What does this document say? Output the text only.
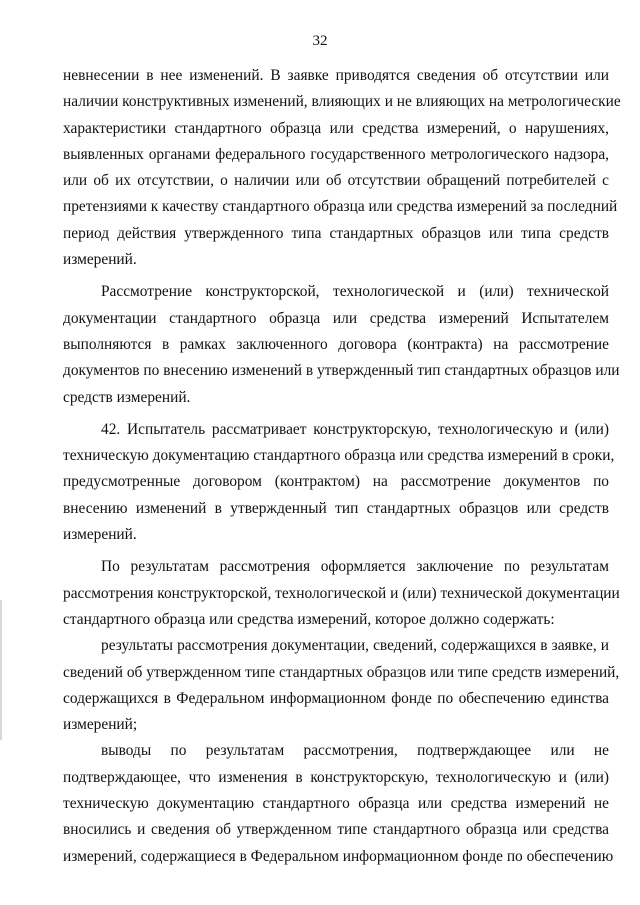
32
невнесении в нее изменений. В заявке приводятся сведения об отсутствии или
наличии конструктивных изменений, влияющих и не влияющих на метрологические
характеристики стандартного образца или средства измерений, о нарушениях,
выявленных органами федерального государственного метрологического надзора,
или об их отсутствии, о наличии или об отсутствии обращений потребителей с
претензиями к качеству стандартного образца или средства измерений за последний
период действия утвержденного типа стандартных образцов или типа средств
измерений.
Рассмотрение конструкторской, технологической и (или) технической
документации стандартного образца или средства измерений Испытателем
выполняются в рамках заключенного договора (контракта) на рассмотрение
документов по внесению изменений в утвержденный тип стандартных образцов или
средств измерений.
42. Испытатель рассматривает конструкторскую, технологическую и (или)
техническую документацию стандартного образца или средства измерений в сроки,
предусмотренные договором (контрактом) на рассмотрение документов по
внесению изменений в утвержденный тип стандартных образцов или средств
измерений.
По результатам рассмотрения оформляется заключение по результатам
рассмотрения конструкторской, технологической и (или) технической документации
стандартного образца или средства измерений, которое должно содержать:
результаты рассмотрения документации, сведений, содержащихся в заявке, и
сведений об утвержденном типе стандартных образцов или типе средств измерений,
содержащихся в Федеральном информационном фонде по обеспечению единства
измерений;
выводы по результатам рассмотрения, подтверждающее или не
подтверждающее, что изменения в конструкторскую, технологическую и (или)
техническую документацию стандартного образца или средства измерений не
вносились и сведения об утвержденном типе стандартного образца или средства
измерений, содержащиеся в Федеральном информационном фонде по обеспечению
